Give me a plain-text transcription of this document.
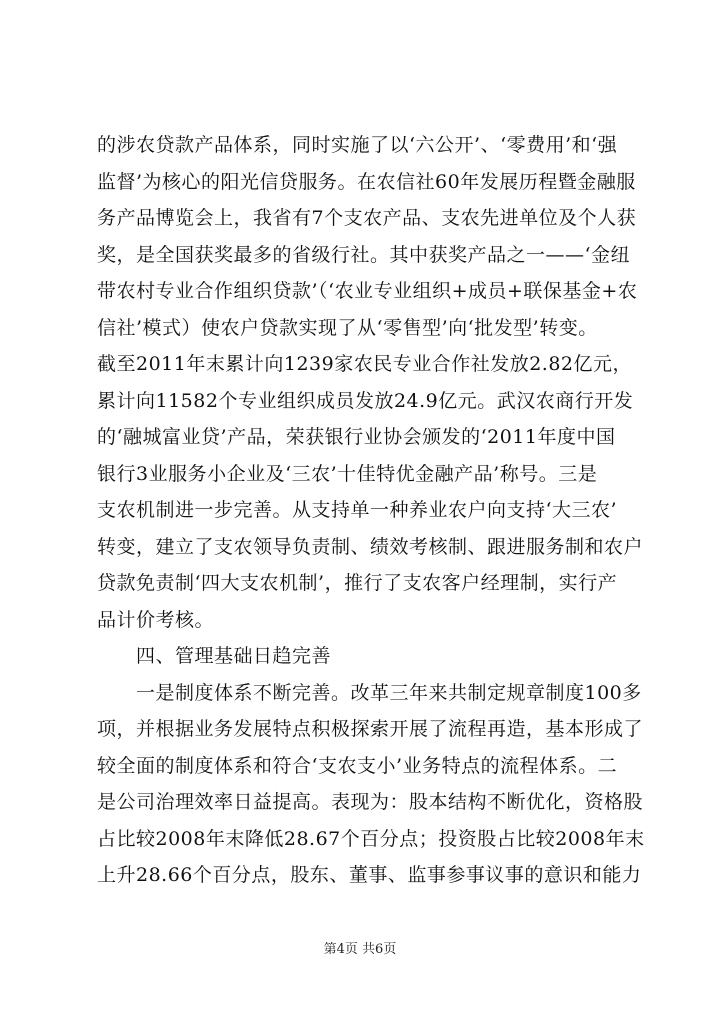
的涉农贷款产品体系，同时实施了以‘六公开’、‘零费用’和‘强
监督’为核心的阳光信贷服务。在农信社60年发展历程暨金融服
务产品博览会上，我省有7个支农产品、支农先进单位及个人获
奖，是全国获奖最多的省级行社。其中获奖产品之一——‘金纽
带农村专业合作组织贷款’（‘农业专业组织+成员+联保基金+农
信社’模式）使农户贷款实现了从‘零售型’向‘批发型’转变。
截至2011年末累计向1239家农民专业合作社发放2.82亿元，
累计向11582个专业组织成员发放24.9亿元。武汉农商行开发
的‘融城富业贷’产品，荣获银行业协会颁发的‘2011年度中国
银行3业服务小企业及‘三农’十佳特优金融产品’称号。三是
支农机制进一步完善。从支持单一种养业农户向支持‘大三农’
转变，建立了支农领导负责制、绩效考核制、跟进服务制和农户
贷款免责制‘四大支农机制’，推行了支农客户经理制，实行产
品计价考核。
　　四、管理基础日趋完善
　　一是制度体系不断完善。改革三年来共制定规章制度100多
项，并根据业务发展特点积极探索开展了流程再造，基本形成了
较全面的制度体系和符合‘支农支小’业务特点的流程体系。二
是公司治理效率日益提高。表现为：股本结构不断优化，资格股
占比较2008年末降低28.67个百分点；投资股占比较2008年末
上升28.66个百分点，股东、董事、监事参事议事的意识和能力
第4页 共6页
